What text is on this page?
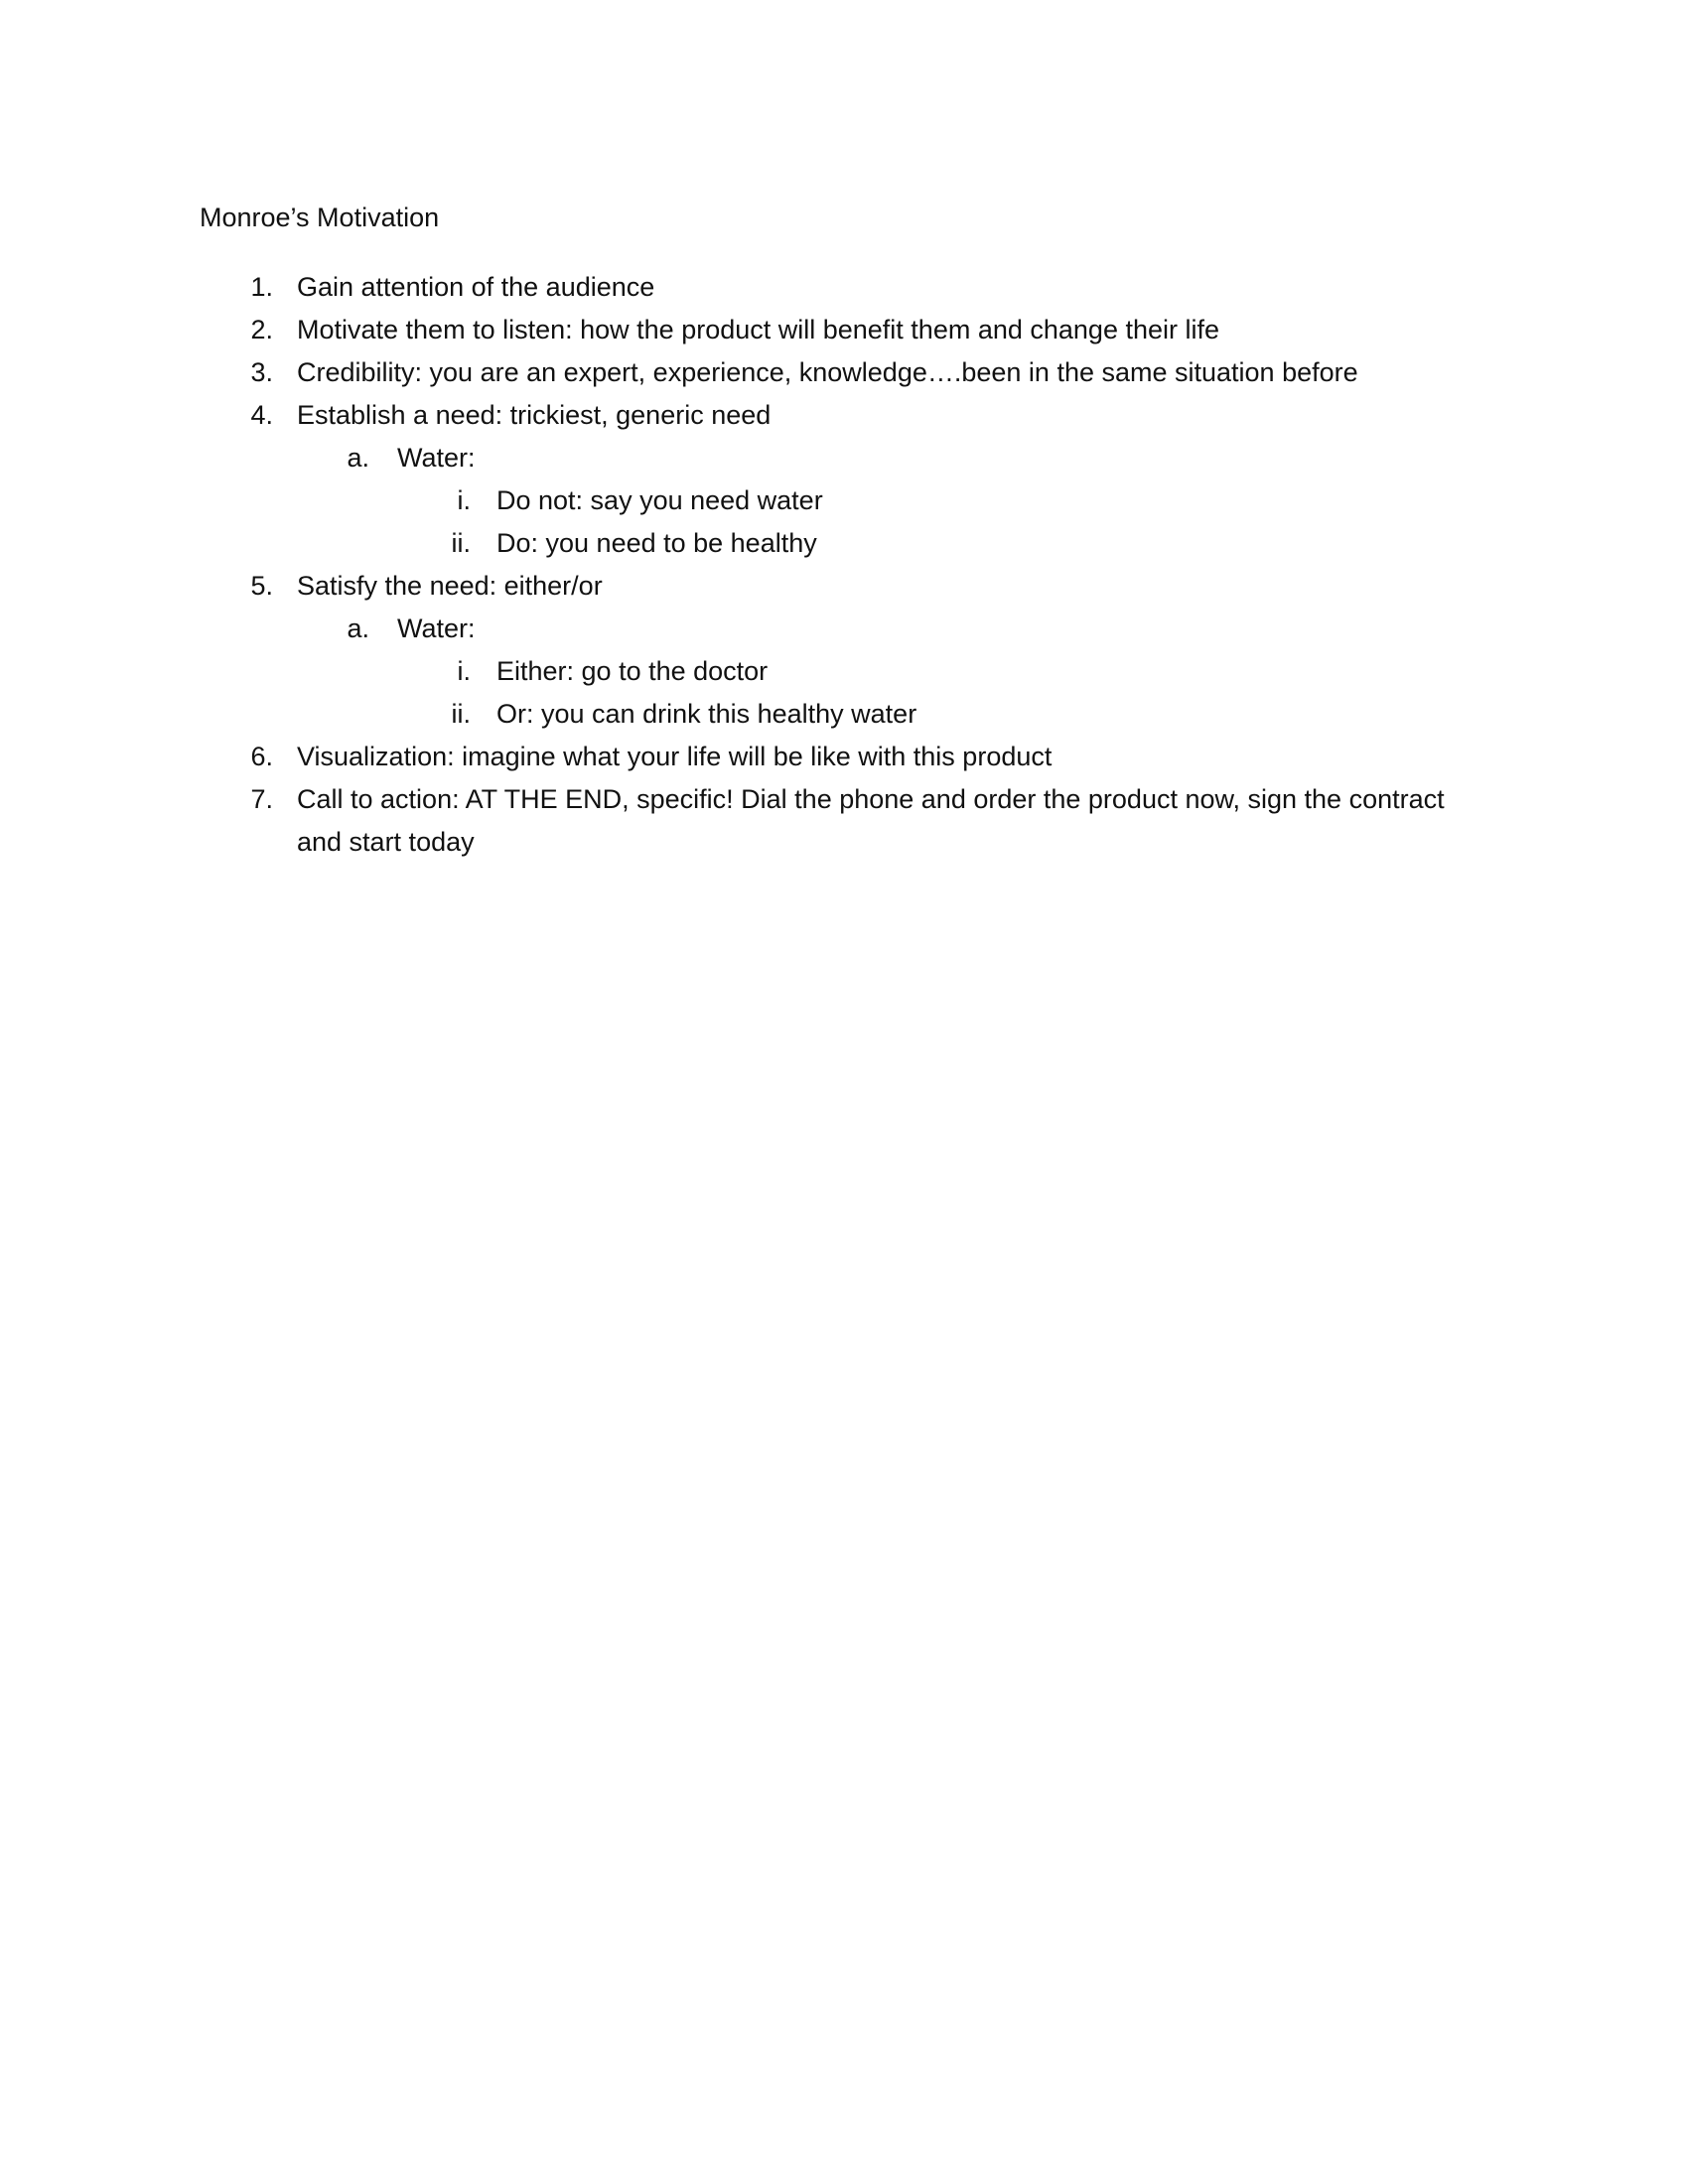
Monroe’s Motivation
1. Gain attention of the audience
2. Motivate them to listen: how the product will benefit them and change their life
3. Credibility: you are an expert, experience, knowledge….been in the same situation before
4. Establish a need: trickiest, generic need
a. Water:
i. Do not: say you need water
ii. Do: you need to be healthy
5. Satisfy the need: either/or
a. Water:
i. Either: go to the doctor
ii. Or: you can drink this healthy water
6. Visualization: imagine what your life will be like with this product
7. Call to action: AT THE END, specific! Dial the phone and order the product now, sign the contract
and start today
